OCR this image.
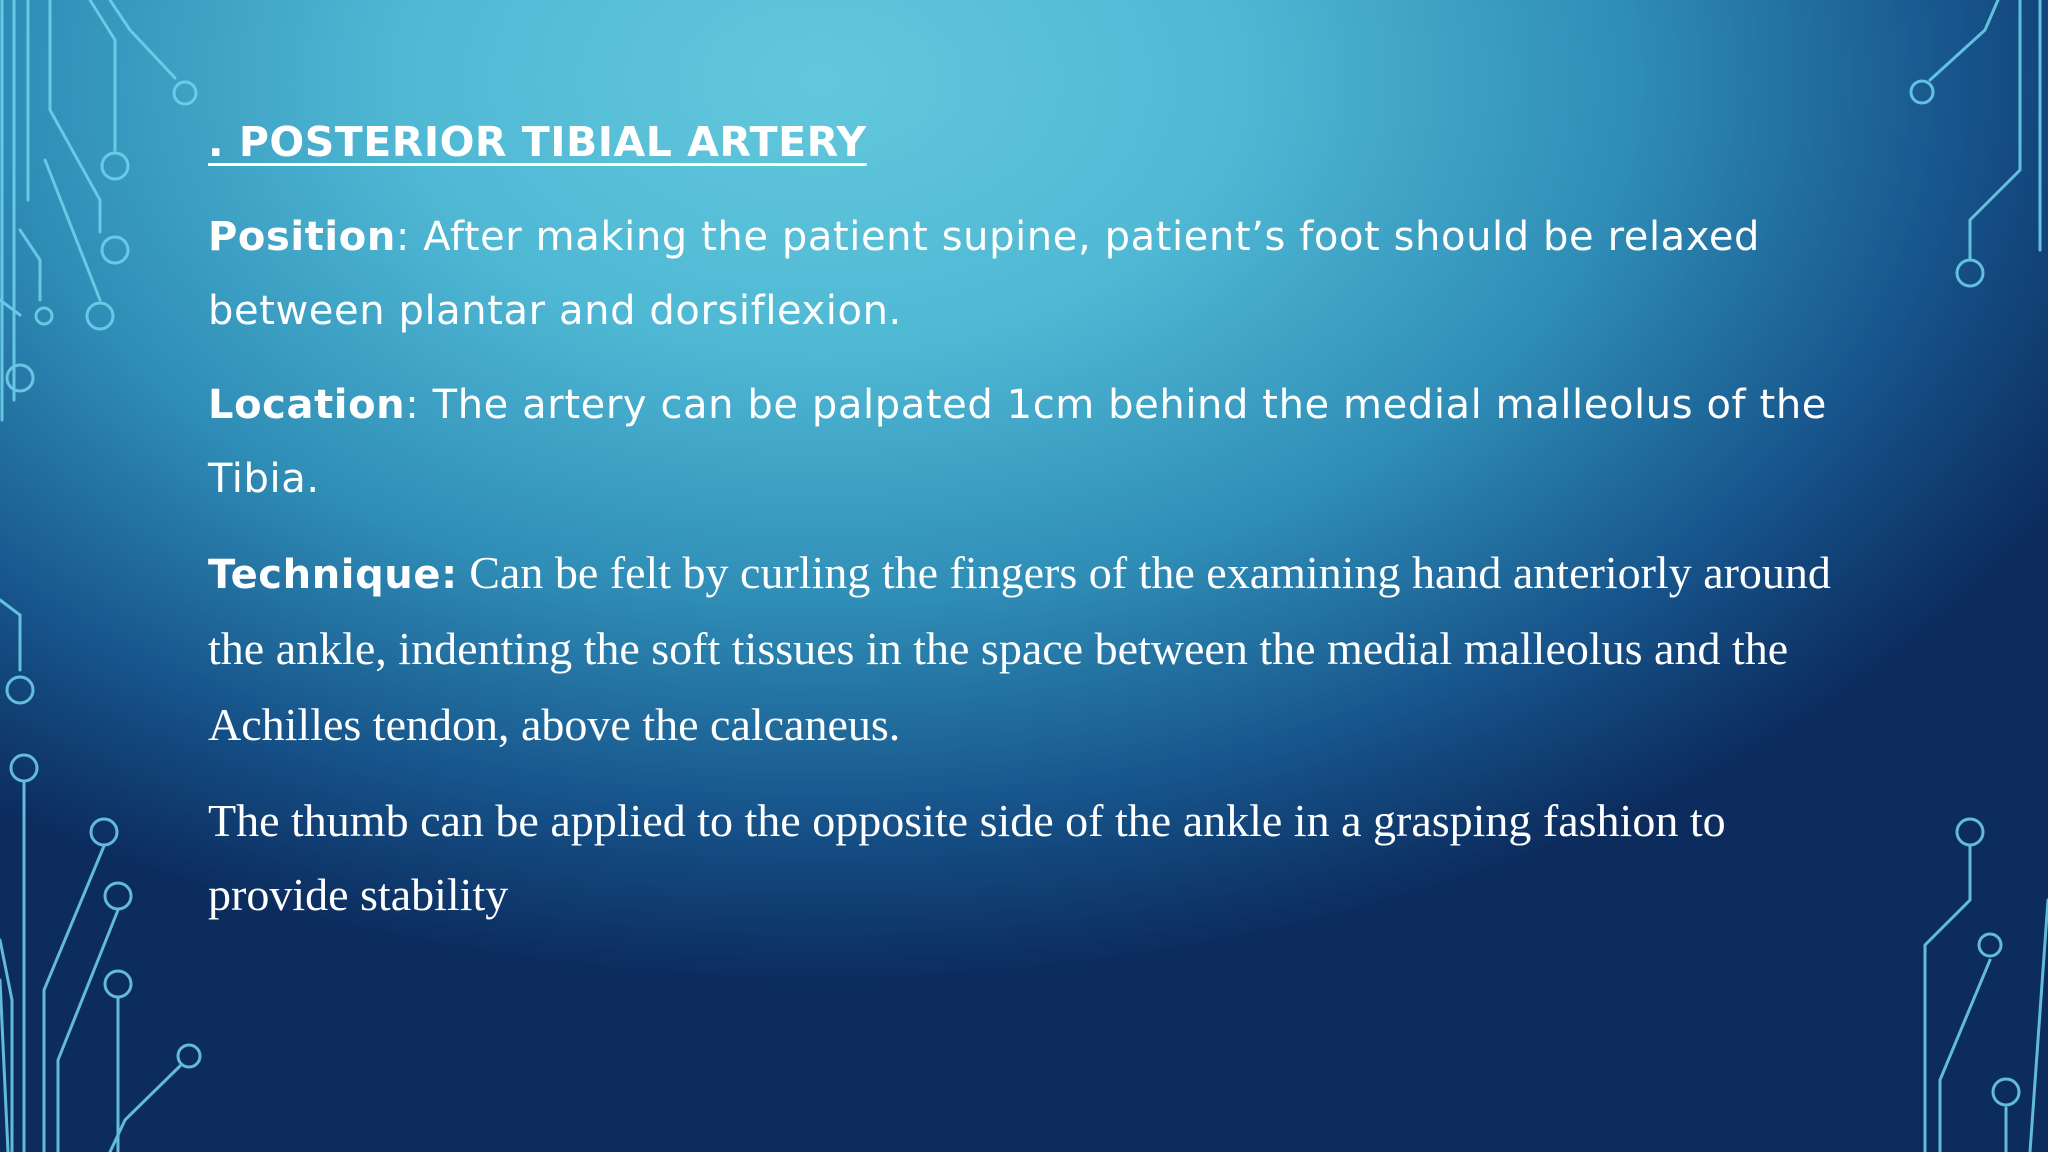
. POSTERIOR TIBIAL ARTERY

Position: After making the patient supine, patient’s foot should be relaxed between plantar and dorsiflexion.

Location: The artery can be palpated 1cm behind the medial malleolus of the Tibia.

Technique: Can be felt by curling the fingers of the examining hand anteriorly around the ankle, indenting the soft tissues in the space between the medial malleolus and the Achilles tendon, above the calcaneus.

The thumb can be applied to the opposite side of the ankle in a grasping fashion to provide stability
